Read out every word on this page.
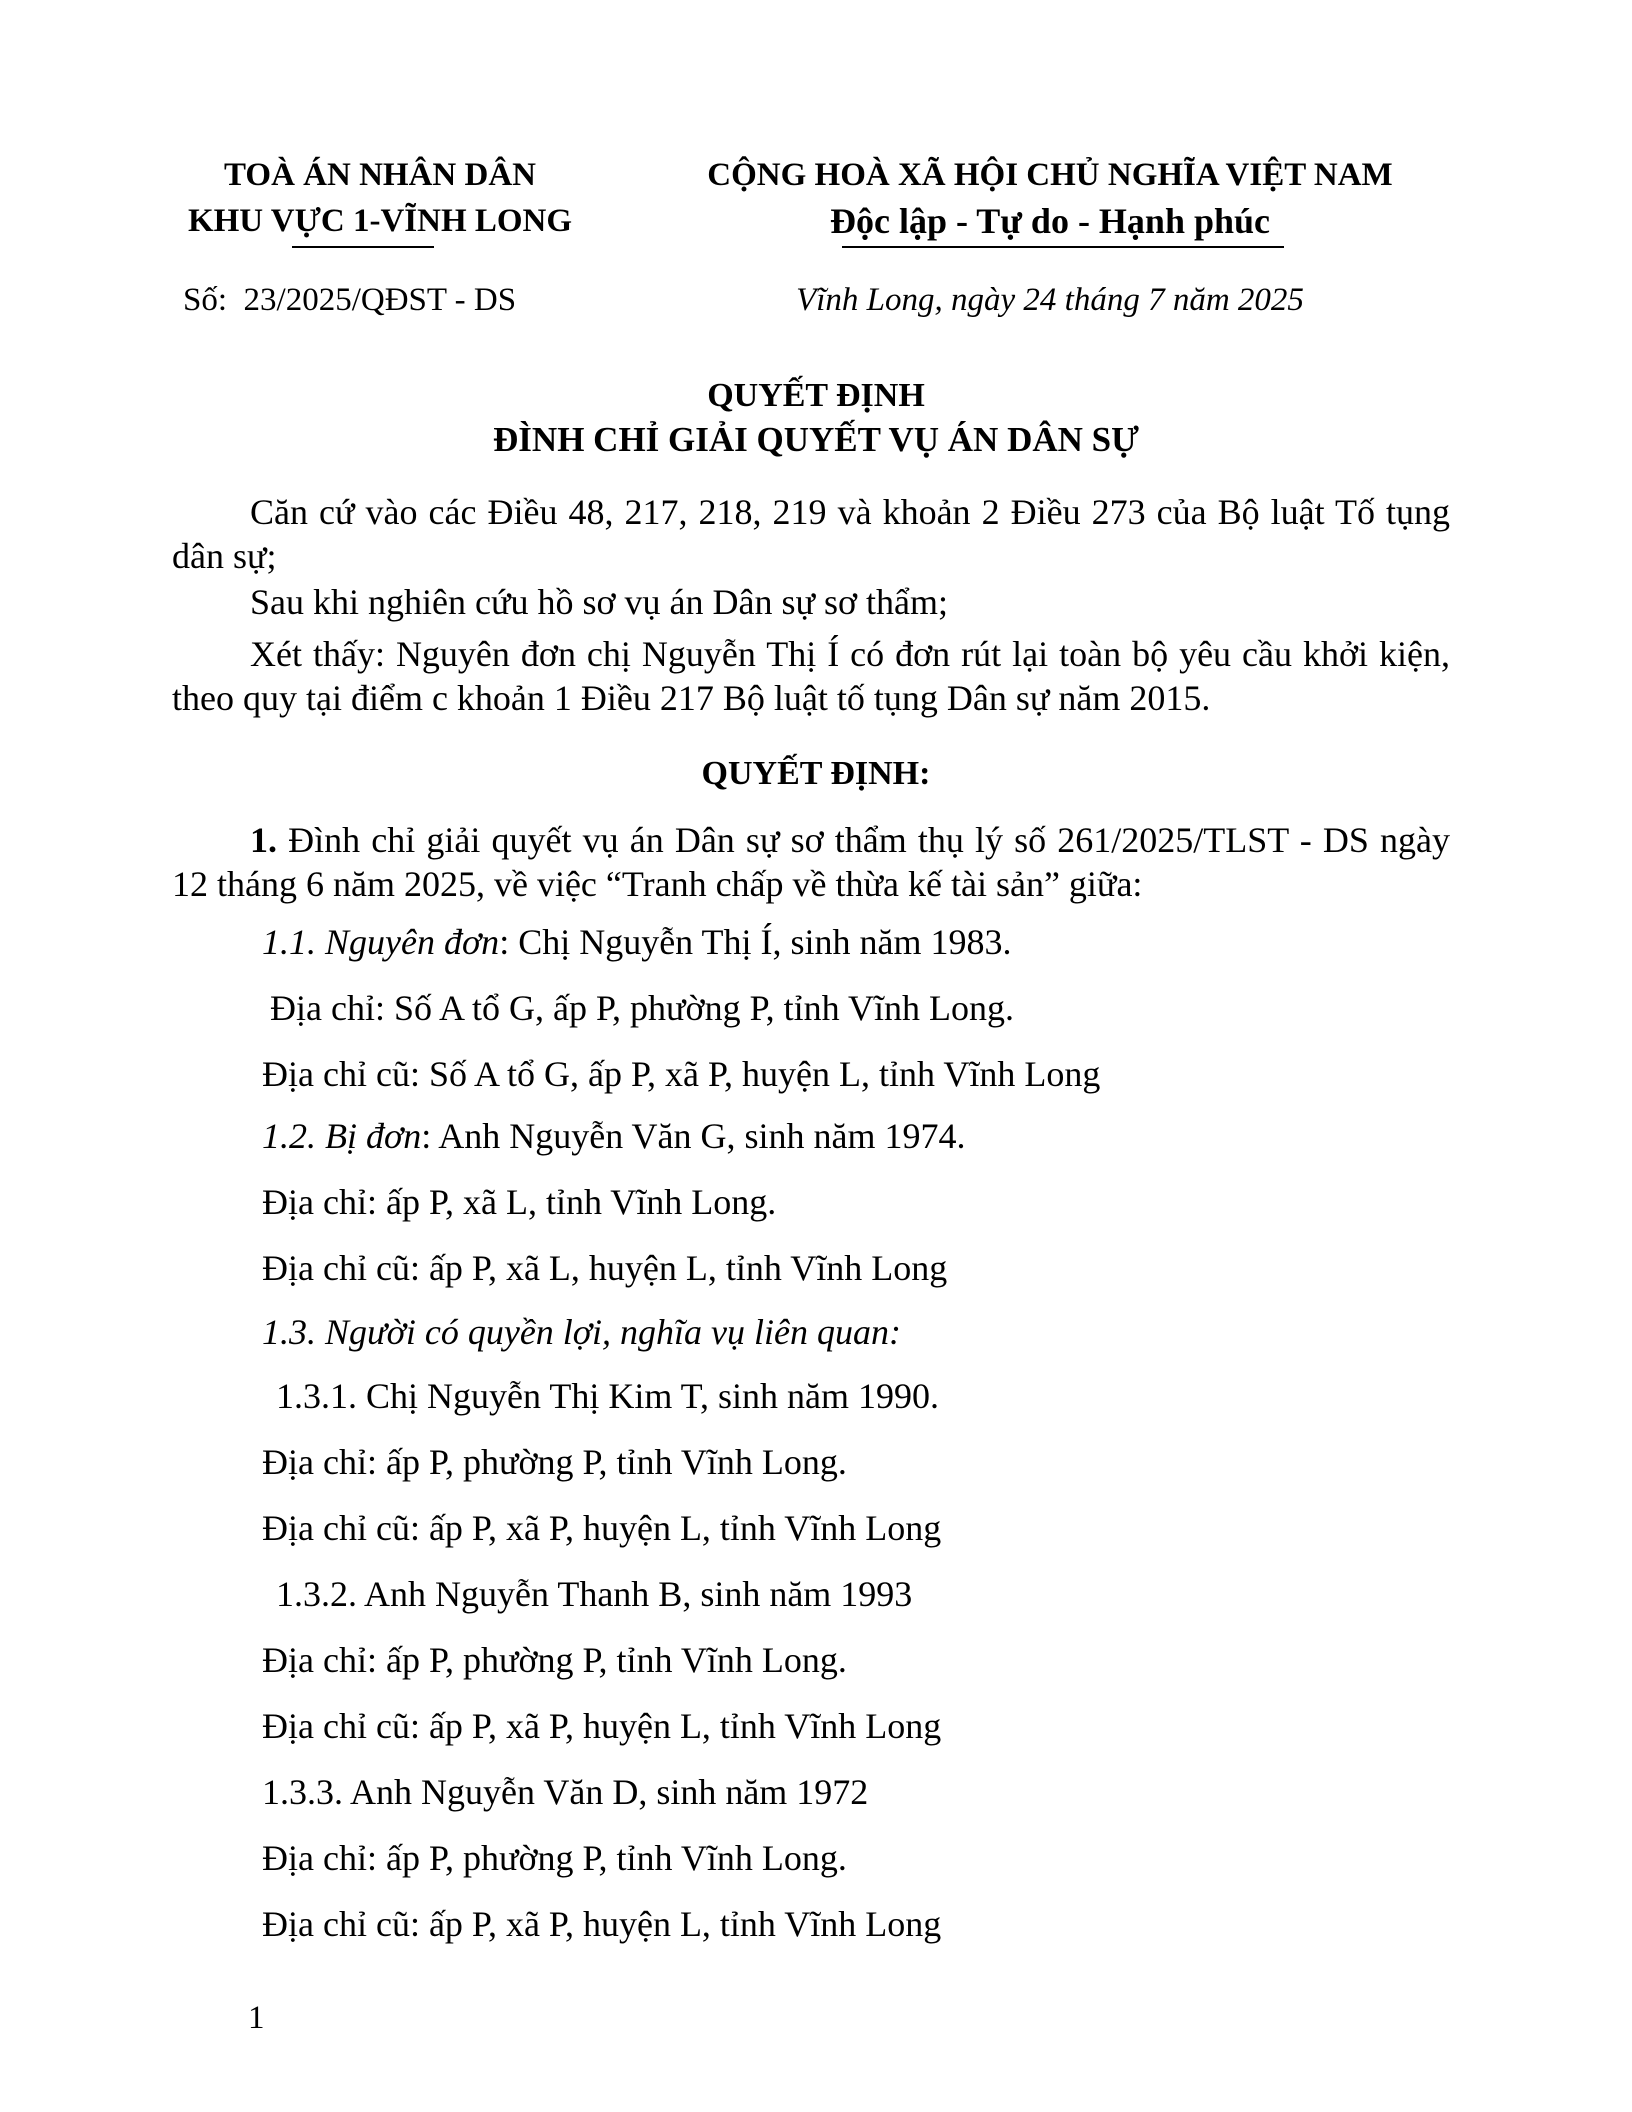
TOÀ ÁN NHÂN DÂN
KHU VỰC 1-VĨNH LONG
CỘNG HOÀ XÃ HỘI CHỦ NGHĨA VIỆT NAM
Độc lập - Tự do - Hạnh phúc
Số:  23/2025/QĐST - DS	Vĩnh Long, ngày 24 tháng 7 năm 2025
QUYẾT ĐỊNH
ĐÌNH CHỈ GIẢI QUYẾT VỤ ÁN DÂN SỰ
Căn cứ vào các Điều 48, 217, 218, 219 và khoản 2 Điều 273 của Bộ luật Tố tụng dân sự;
Sau khi nghiên cứu hồ sơ vụ án Dân sự sơ thẩm;
Xét thấy: Nguyên đơn chị Nguyễn Thị Í có đơn rút lại toàn bộ yêu cầu khởi kiện, theo quy tại điểm c khoản 1 Điều 217 Bộ luật tố tụng Dân sự năm 2015.
QUYẾT ĐỊNH:
1. Đình chỉ giải quyết vụ án Dân sự sơ thẩm thụ lý số 261/2025/TLST - DS ngày 12 tháng 6 năm 2025, về việc “Tranh chấp về thừa kế tài sản” giữa:
1.1. Nguyên đơn: Chị Nguyễn Thị Í, sinh năm 1983.
Địa chỉ: Số A tổ G, ấp P, phường P, tỉnh Vĩnh Long.
Địa chỉ cũ: Số A tổ G, ấp P, xã P, huyện L, tỉnh Vĩnh Long
1.2. Bị đơn: Anh Nguyễn Văn G, sinh năm 1974.
Địa chỉ: ấp P, xã L, tỉnh Vĩnh Long.
Địa chỉ cũ: ấp P, xã L, huyện L, tỉnh Vĩnh Long
1.3. Người có quyền lợi, nghĩa vụ liên quan:
1.3.1. Chị Nguyễn Thị Kim T, sinh năm 1990.
Địa chỉ: ấp P, phường P, tỉnh Vĩnh Long.
Địa chỉ cũ: ấp P, xã P, huyện L, tỉnh Vĩnh Long
1.3.2. Anh Nguyễn Thanh B, sinh năm 1993
Địa chỉ: ấp P, phường P, tỉnh Vĩnh Long.
Địa chỉ cũ: ấp P, xã P, huyện L, tỉnh Vĩnh Long
1.3.3. Anh Nguyễn Văn D, sinh năm 1972
Địa chỉ: ấp P, phường P, tỉnh Vĩnh Long.
Địa chỉ cũ: ấp P, xã P, huyện L, tỉnh Vĩnh Long
1
